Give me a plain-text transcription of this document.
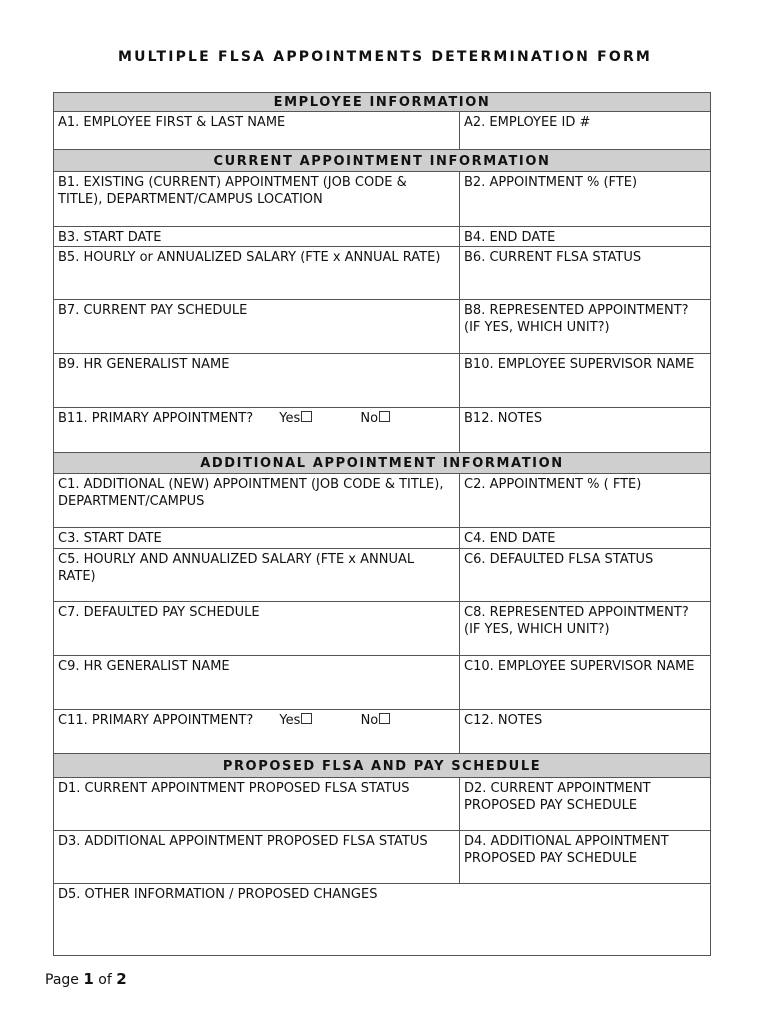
MULTIPLE FLSA APPOINTMENTS DETERMINATION FORM
EMPLOYEE INFORMATION	
A1. EMPLOYEE FIRST & LAST NAME	A2. EMPLOYEE ID #
CURRENT APPOINTMENT INFORMATION	
B1. EXISTING (CURRENT) APPOINTMENT (JOB CODE & TITLE), DEPARTMENT/CAMPUS LOCATION	B2. APPOINTMENT % (FTE)
B3. START DATE	B4. END DATE
B5. HOURLY or ANNUALIZED SALARY (FTE x ANNUAL RATE)	B6. CURRENT FLSA STATUS
B7. CURRENT PAY SCHEDULE	B8. REPRESENTED APPOINTMENT? (IF YES, WHICH UNIT?)
B9. HR GENERALIST NAME	B10. EMPLOYEE SUPERVISOR NAME
B11. PRIMARY APPOINTMENT? Yes No	B12. NOTES
ADDITIONAL APPOINTMENT INFORMATION	
C1. ADDITIONAL (NEW) APPOINTMENT (JOB CODE & TITLE), DEPARTMENT/CAMPUS	C2. APPOINTMENT % ( FTE)
C3. START DATE	C4. END DATE
C5. HOURLY AND ANNUALIZED SALARY (FTE x ANNUAL RATE)	C6. DEFAULTED FLSA STATUS
C7. DEFAULTED PAY SCHEDULE	C8. REPRESENTED APPOINTMENT? (IF YES, WHICH UNIT?)
C9. HR GENERALIST NAME	C10. EMPLOYEE SUPERVISOR NAME
C11. PRIMARY APPOINTMENT? Yes No	C12. NOTES
PROPOSED FLSA AND PAY SCHEDULE	
D1. CURRENT APPOINTMENT PROPOSED FLSA STATUS	D2. CURRENT APPOINTMENT PROPOSED PAY SCHEDULE
D3. ADDITIONAL APPOINTMENT PROPOSED FLSA STATUS	D4. ADDITIONAL APPOINTMENT PROPOSED PAY SCHEDULE
D5. OTHER INFORMATION / PROPOSED CHANGES	
Page 1 of 2
